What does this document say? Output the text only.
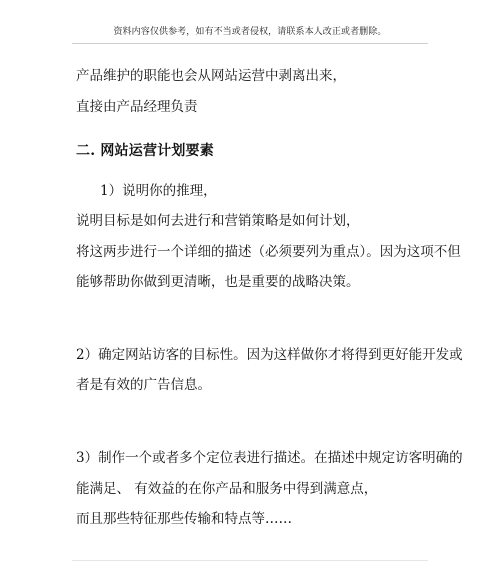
资料内容仅供参考，如有不当或者侵权，请联系本人改正或者删除。
产品维护的职能也会从网站运营中剥离出来，
直接由产品经理负责
二. 网站运营计划要素
1）说明你的推理，
说明目标是如何去进行和营销策略是如何计划，
将这两步进行一个详细的描述（必须要列为重点）。因为这项不但
能够帮助你做到更清晰，也是重要的战略决策。
2）确定网站访客的目标性。因为这样做你才将得到更好能开发或
者是有效的广告信息。
3）制作一个或者多个定位表进行描述。在描述中规定访客明确的
能满足、 有效益的在你产品和服务中得到满意点，
而且那些特征那些传输和特点等……
